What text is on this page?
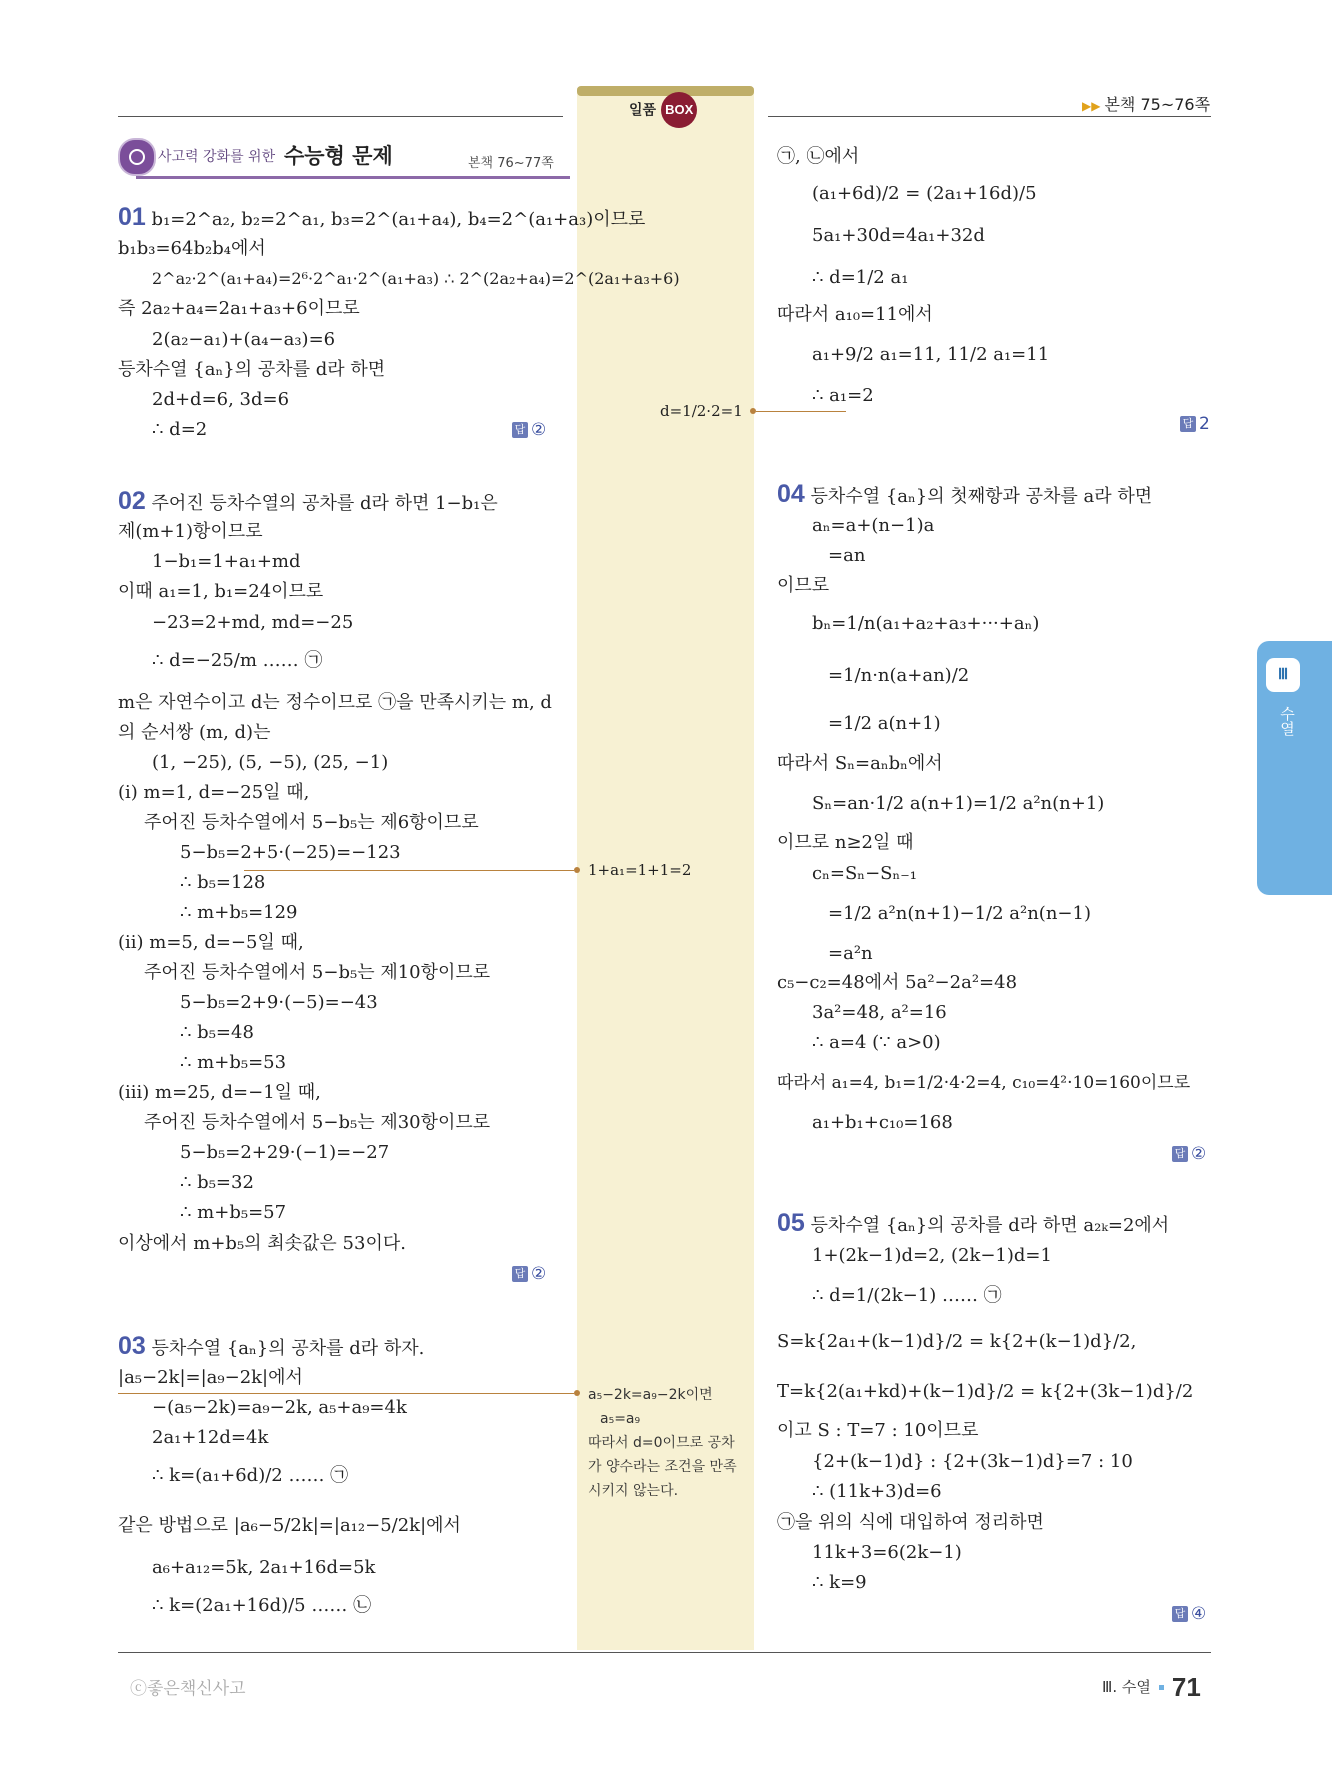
일품 BOX	▶▶ 본책 75~76쪽
사고력 강화를 위한 수능형 문제	본책 76~77쪽
01 b₁=2^a₂, b₂=2^a₁, b₃=2^(a₁+a₄), b₄=2^(a₁+a₃)이므로
b₁b₃=64b₂b₄에서
2^a₂·2^(a₁+a₄)=2⁶·2^a₁·2^(a₁+a₃) ∴ 2^(2a₂+a₄)=2^(2a₁+a₃+6)
즉 2a₂+a₄=2a₁+a₃+6이므로
2(a₂−a₁)+(a₄−a₃)=6
등차수열 {aₙ}의 공차를 d라 하면
2d+d=6, 3d=6
∴ d=2	답 ②
02 주어진 등차수열의 공차를 d라 하면 1−b₁은
제(m+1)항이므로
1−b₁=1+a₁+md
이때 a₁=1, b₁=24이므로
−23=2+md, md=−25
∴ d=−25/m …… ㉠
m은 자연수이고 d는 정수이므로 ㉠을 만족시키는 m, d
의 순서쌍 (m, d)는
(1, −25), (5, −5), (25, −1)
(i) m=1, d=−25일 때,
주어진 등차수열에서 5−b₅는 제6항이므로
5−b₅=2+5·(−25)=−123
∴ b₅=128
∴ m+b₅=129
(ii) m=5, d=−5일 때,
주어진 등차수열에서 5−b₅는 제10항이므로
5−b₅=2+9·(−5)=−43
∴ b₅=48
∴ m+b₅=53
(iii) m=25, d=−1일 때,
주어진 등차수열에서 5−b₅는 제30항이므로
5−b₅=2+29·(−1)=−27
∴ b₅=32
∴ m+b₅=57
이상에서 m+b₅의 최솟값은 53이다.
답 ②
03 등차수열 {aₙ}의 공차를 d라 하자.
|a₅−2k|=|a₉−2k|에서
−(a₅−2k)=a₉−2k, a₅+a₉=4k
2a₁+12d=4k
∴ k=(a₁+6d)/2 …… ㉠
같은 방법으로 |a₆−5/2k|=|a₁₂−5/2k|에서
a₆+a₁₂=5k, 2a₁+16d=5k
∴ k=(2a₁+16d)/5 …… ㉡
d=1/2·2=1
1+a₁=1+1=2
a₅−2k=a₉−2k이면
a₅=a₉
따라서 d=0이므로 공차
가 양수라는 조건을 만족
시키지 않는다.
㉠, ㉡에서
(a₁+6d)/2 = (2a₁+16d)/5
5a₁+30d=4a₁+32d
∴ d=1/2 a₁
따라서 a₁₀=11에서
a₁+9/2 a₁=11, 11/2 a₁=11
∴ a₁=2
답 2
04 등차수열 {aₙ}의 첫째항과 공차를 a라 하면
aₙ=a+(n−1)a
=an
이므로
bₙ=1/n(a₁+a₂+a₃+···+aₙ)
=1/n·n(a+an)/2
=1/2 a(n+1)
따라서 Sₙ=aₙbₙ에서
Sₙ=an·1/2 a(n+1)=1/2 a²n(n+1)
이므로 n≥2일 때
cₙ=Sₙ−Sₙ₋₁
=1/2 a²n(n+1)−1/2 a²n(n−1)
=a²n
c₅−c₂=48에서 5a²−2a²=48
3a²=48, a²=16
∴ a=4 (∵ a>0)
따라서 a₁=4, b₁=1/2·4·2=4, c₁₀=4²·10=160이므로
a₁+b₁+c₁₀=168
답 ②
05 등차수열 {aₙ}의 공차를 d라 하면 a₂ₖ=2에서
1+(2k−1)d=2, (2k−1)d=1
∴ d=1/(2k−1) …… ㉠
S=k{2a₁+(k−1)d}/2 = k{2+(k−1)d}/2,
T=k{2(a₁+kd)+(k−1)d}/2 = k{2+(3k−1)d}/2
이고 S : T=7 : 10이므로
{2+(k−1)d} : {2+(3k−1)d}=7 : 10
∴ (11k+3)d=6
㉠을 위의 식에 대입하여 정리하면
11k+3=6(2k−1)
∴ k=9
답 ④
Ⅲ
수열
ⓒ좋은책신사고	Ⅲ. 수열 71
